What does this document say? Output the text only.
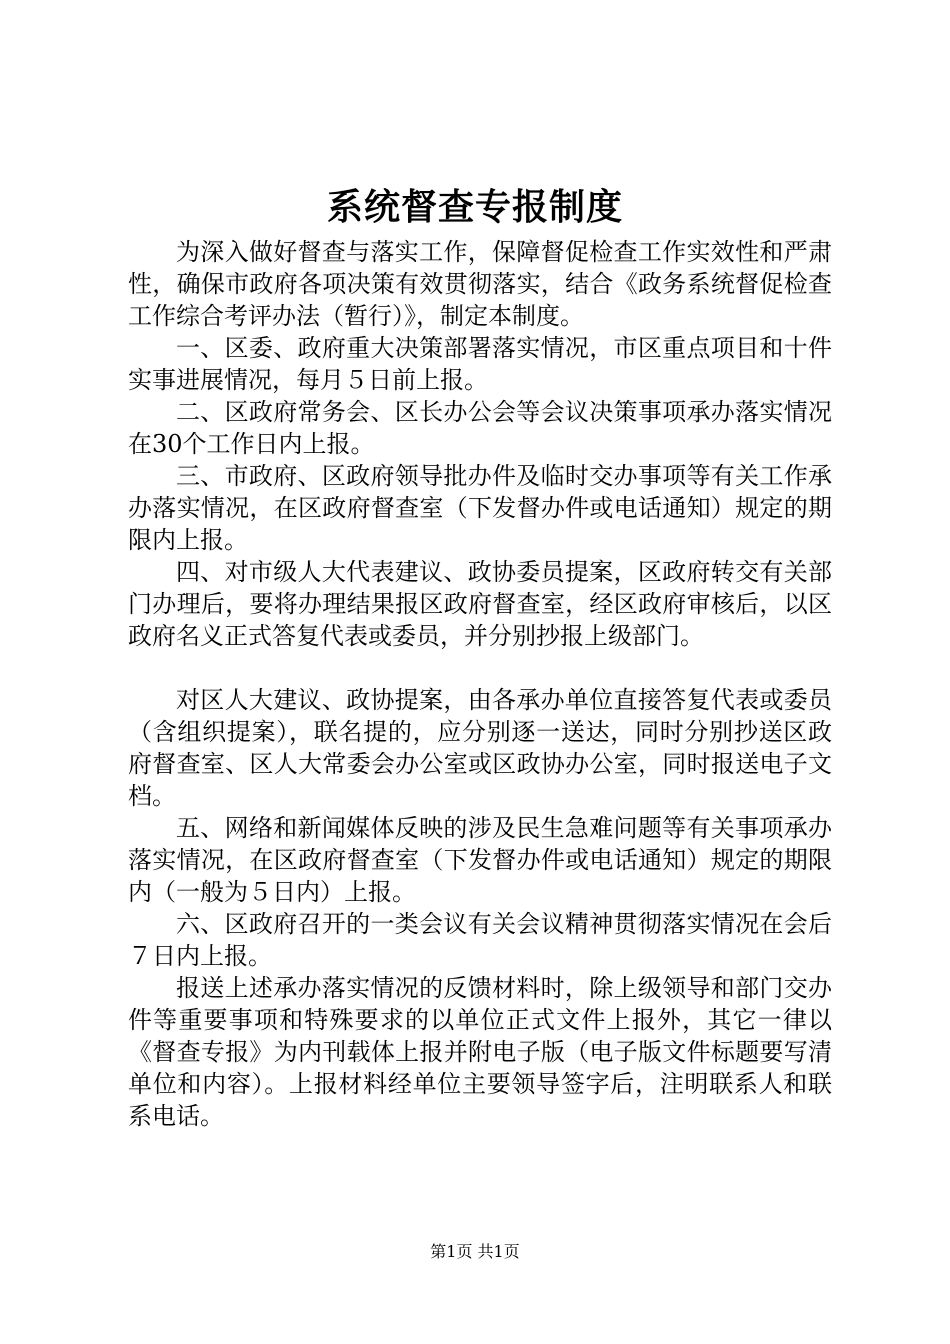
系统督查专报制度

为深入做好督查与落实工作，保障督促检查工作实效性和严肃性，确保市政府各项决策有效贯彻落实，结合《政务系统督促检查工作综合考评办法（暂行）》，制定本制度。

一、区委、政府重大决策部署落实情况，市区重点项目和十件实事进展情况，每月５日前上报。

二、区政府常务会、区长办公会等会议决策事项承办落实情况在30个工作日内上报。

三、市政府、区政府领导批办件及临时交办事项等有关工作承办落实情况，在区政府督查室（下发督办件或电话通知）规定的期限内上报。

四、对市级人大代表建议、政协委员提案，区政府转交有关部门办理后，要将办理结果报区政府督查室，经区政府审核后，以区政府名义正式答复代表或委员，并分别抄报上级部门。

对区人大建议、政协提案，由各承办单位直接答复代表或委员（含组织提案），联名提的，应分别逐一送达，同时分别抄送区政府督查室、区人大常委会办公室或区政协办公室，同时报送电子文档。

五、网络和新闻媒体反映的涉及民生急难问题等有关事项承办落实情况，在区政府督查室（下发督办件或电话通知）规定的期限内（一般为５日内）上报。

六、区政府召开的一类会议有关会议精神贯彻落实情况在会后７日内上报。

报送上述承办落实情况的反馈材料时，除上级领导和部门交办件等重要事项和特殊要求的以单位正式文件上报外，其它一律以《督查专报》为内刊载体上报并附电子版（电子版文件标题要写清单位和内容）。上报材料经单位主要领导签字后，注明联系人和联系电话。

第1页 共1页
